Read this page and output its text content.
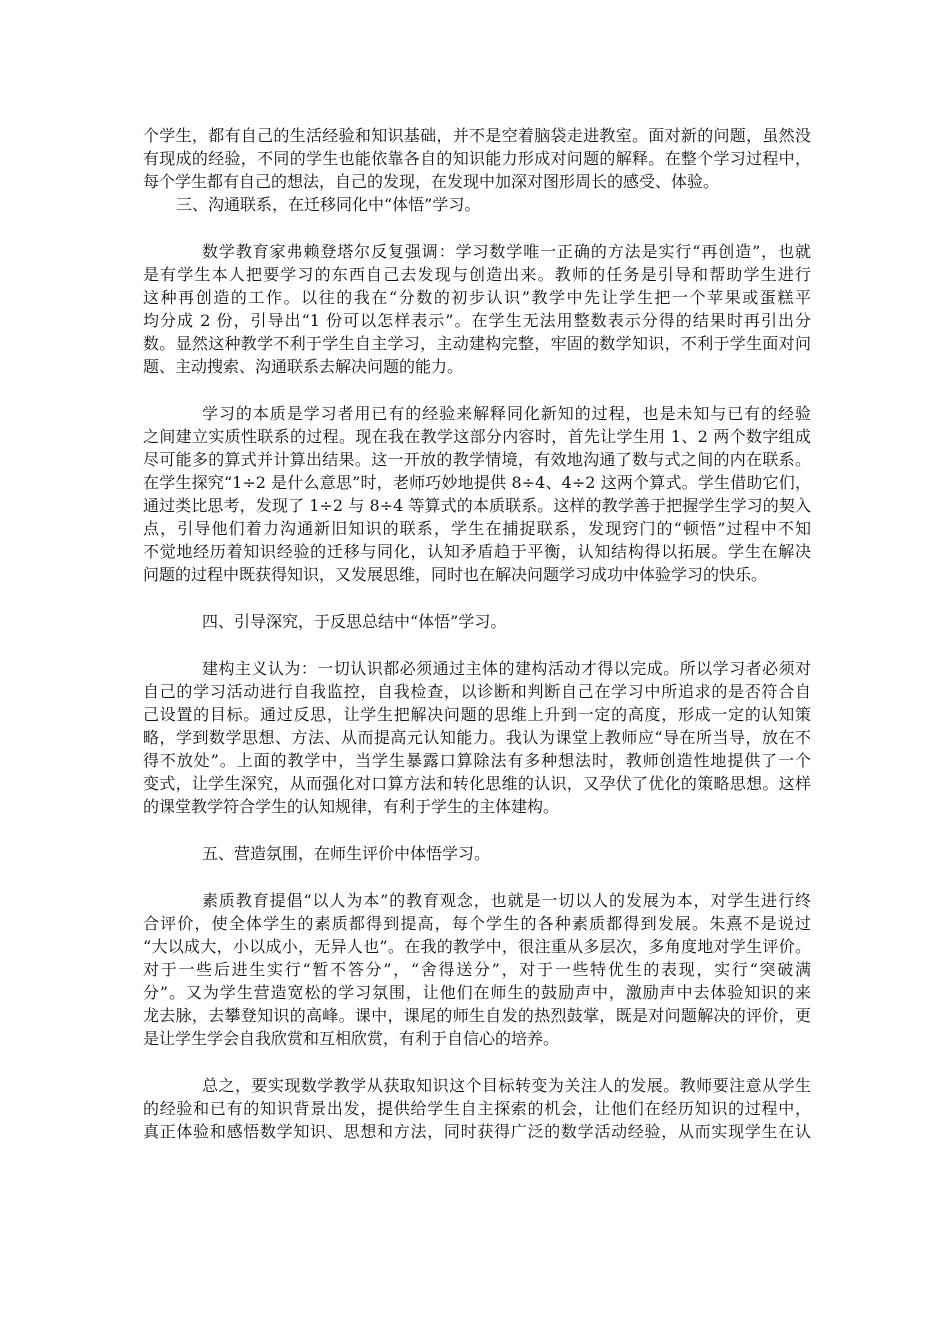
个学生，都有自己的生活经验和知识基础，并不是空着脑袋走进教室。面对新的问题，虽然没
有现成的经验，不同的学生也能依靠各自的知识能力形成对问题的解释。在整个学习过程中，
每个学生都有自己的想法，自己的发现，在发现中加深对图形周长的感受、体验。
三、沟通联系，在迁移同化中“体悟”学习。
数学教育家弗赖登塔尔反复强调：学习数学唯一正确的方法是实行“再创造”，也就
是有学生本人把要学习的东西自己去发现与创造出来。教师的任务是引导和帮助学生进行
这种再创造的工作。以往的我在“分数的初步认识”教学中先让学生把一个苹果或蛋糕平
均分成 2 份，引导出“1 份可以怎样表示”。在学生无法用整数表示分得的结果时再引出分
数。显然这种教学不利于学生自主学习，主动建构完整，牢固的数学知识，不利于学生面对问
题、主动搜索、沟通联系去解决问题的能力。
学习的本质是学习者用已有的经验来解释同化新知的过程，也是未知与已有的经验
之间建立实质性联系的过程。现在我在教学这部分内容时，首先让学生用 1、2 两个数字组成
尽可能多的算式并计算出结果。这一开放的教学情境，有效地沟通了数与式之间的内在联系。
在学生探究“1÷2 是什么意思”时，老师巧妙地提供 8÷4、4÷2 这两个算式。学生借助它们，
通过类比思考，发现了 1÷2 与 8÷4 等算式的本质联系。这样的教学善于把握学生学习的契入
点，引导他们着力沟通新旧知识的联系，学生在捕捉联系，发现窍门的“顿悟”过程中不知
不觉地经历着知识经验的迁移与同化，认知矛盾趋于平衡，认知结构得以拓展。学生在解决
问题的过程中既获得知识，又发展思维，同时也在解决问题学习成功中体验学习的快乐。
四、引导深究，于反思总结中“体悟”学习。
建构主义认为：一切认识都必须通过主体的建构活动才得以完成。所以学习者必须对
自己的学习活动进行自我监控，自我检查，以诊断和判断自己在学习中所追求的是否符合自
己设置的目标。通过反思，让学生把解决问题的思维上升到一定的高度，形成一定的认知策
略，学到数学思想、方法、从而提高元认知能力。我认为课堂上教师应“导在所当导，放在不
得不放处”。上面的教学中，当学生暴露口算除法有多种想法时，教师创造性地提供了一个
变式，让学生深究，从而强化对口算方法和转化思维的认识，又孕伏了优化的策略思想。这样
的课堂教学符合学生的认知规律，有利于学生的主体建构。
五、营造氛围，在师生评价中体悟学习。
素质教育提倡“以人为本”的教育观念，也就是一切以人的发展为本，对学生进行终
合评价，使全体学生的素质都得到提高，每个学生的各种素质都得到发展。朱熹不是说过
“大以成大，小以成小，无异人也”。在我的教学中，很注重从多层次，多角度地对学生评价。
对于一些后进生实行“暂不答分”，“舍得送分”，对于一些特优生的表现，实行“突破满
分”。又为学生营造宽松的学习氛围，让他们在师生的鼓励声中，激励声中去体验知识的来
龙去脉，去攀登知识的高峰。课中，课尾的师生自发的热烈鼓掌，既是对问题解决的评价，更
是让学生学会自我欣赏和互相欣赏，有利于自信心的培养。
总之，要实现数学教学从获取知识这个目标转变为关注人的发展。教师要注意从学生
的经验和已有的知识背景出发，提供给学生自主探索的机会，让他们在经历知识的过程中，
真正体验和感悟数学知识、思想和方法，同时获得广泛的数学活动经验，从而实现学生在认
